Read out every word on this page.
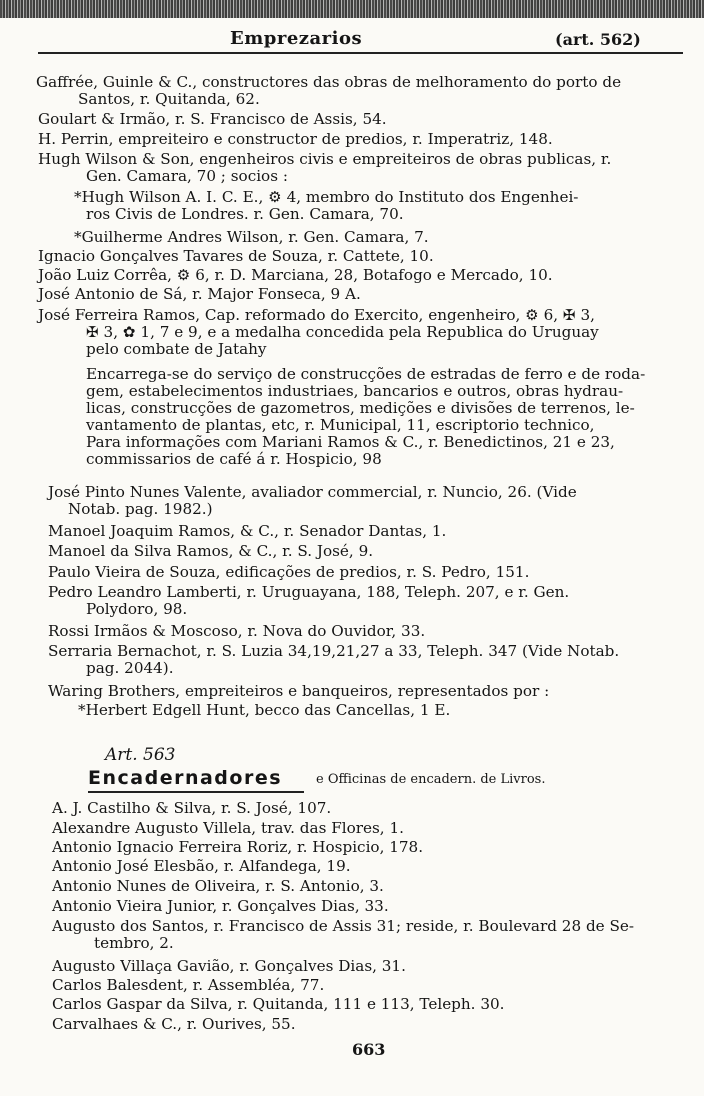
Emprezarios	(art. 562)
Gaffrée, Guinle & C., constructores das obras de melhoramento do porto de
Santos, r. Quitanda, 62.
Goulart & Irmão, r. S. Francisco de Assis, 54.
H. Perrin, empreiteiro e constructor de predios, r. Imperatriz, 148.
Hugh Wilson & Son, engenheiros civis e empreiteiros de obras publicas, r.
Gen. Camara, 70 ; socios :
*Hugh Wilson A. I. C. E., ⚙ 4, membro do Instituto dos Engenhei-
ros Civis de Londres. r. Gen. Camara, 70.
*Guilherme Andres Wilson, r. Gen. Camara, 7.
Ignacio Gonçalves Tavares de Souza, r. Cattete, 10.
João Luiz Corrêa, ⚙ 6, r. D. Marciana, 28, Botafogo e Mercado, 10.
José Antonio de Sá, r. Major Fonseca, 9 A.
José Ferreira Ramos, Cap. reformado do Exercito, engenheiro, ⚙ 6, ✠ 3,
✠ 3, ✿ 1, 7 e 9, e a medalha concedida pela Republica do Uruguay
pelo combate de Jatahy
Encarrega-se do serviço de construcções de estradas de ferro e de roda-
gem, estabelecimentos industriaes, bancarios e outros, obras hydrau-
licas, construcções de gazometros, medições e divisões de terrenos, le-
vantamento de plantas, etc, r. Municipal, 11, escriptorio technico,
Para informações com Mariani Ramos & C., r. Benedictinos, 21 e 23,
commissarios de café á r. Hospicio, 98
José Pinto Nunes Valente, avaliador commercial, r. Nuncio, 26. (Vide
Notab. pag. 1982.)
Manoel Joaquim Ramos, & C., r. Senador Dantas, 1.
Manoel da Silva Ramos, & C., r. S. José, 9.
Paulo Vieira de Souza, edificações de predios, r. S. Pedro, 151.
Pedro Leandro Lamberti, r. Uruguayana, 188, Teleph. 207, e r. Gen.
Polydoro, 98.
Rossi Irmãos & Moscoso, r. Nova do Ouvidor, 33.
Serraria Bernachot, r. S. Luzia 34,19,21,27 a 33, Teleph. 347 (Vide Notab.
pag. 2044).
Waring Brothers, empreiteiros e banqueiros, representados por :
*Herbert Edgell Hunt, becco das Cancellas, 1 E.
Art. 563
Encadernadores	e Officinas de encadern. de Livros.
A. J. Castilho & Silva, r. S. José, 107.
Alexandre Augusto Villela, trav. das Flores, 1.
Antonio Ignacio Ferreira Roriz, r. Hospicio, 178.
Antonio José Elesbão, r. Alfandega, 19.
Antonio Nunes de Oliveira, r. S. Antonio, 3.
Antonio Vieira Junior, r. Gonçalves Dias, 33.
Augusto dos Santos, r. Francisco de Assis 31; reside, r. Boulevard 28 de Se-
tembro, 2.
Augusto Villaça Gavião, r. Gonçalves Dias, 31.
Carlos Balesdent, r. Assembléa, 77.
Carlos Gaspar da Silva, r. Quitanda, 111 e 113, Teleph. 30.
Carvalhaes & C., r. Ourives, 55.
663
